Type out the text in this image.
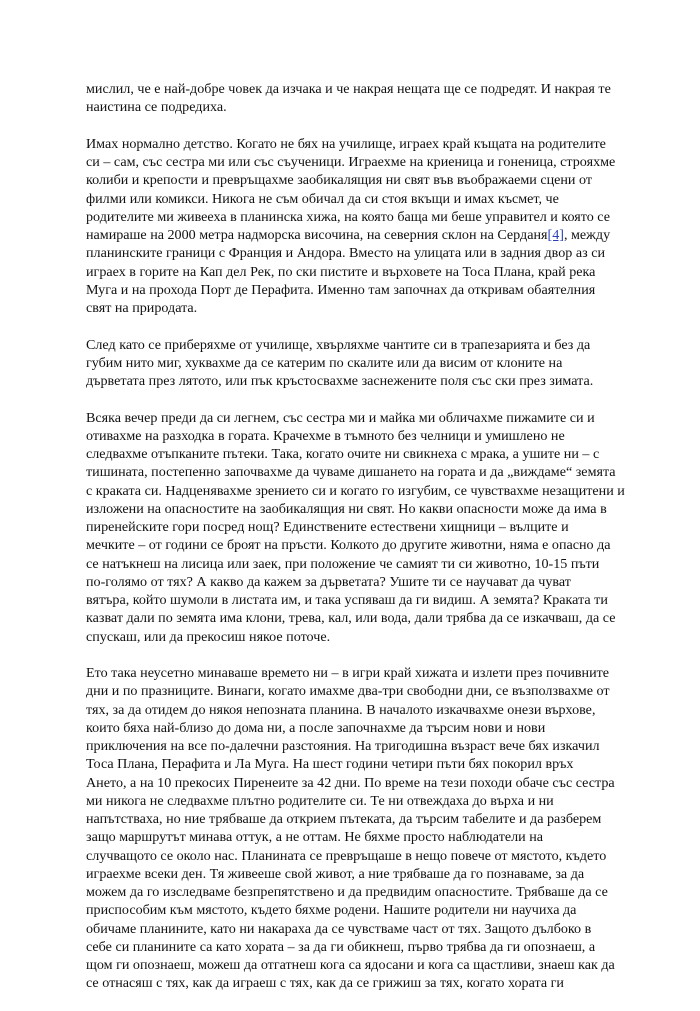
мислил, че е най-добре човек да изчака и че накрая нещата ще се подредят. И накрая те
наистина се подредиха.

Имах нормално детство. Когато не бях на училище, играех край къщата на родителите
си – сам, със сестра ми или със съученици. Играехме на криеница и гоненица, строяхме
колиби и крепости и превръщахме заобикалящия ни свят във въображаеми сцени от
филми или комикси. Никога не съм обичал да си стоя вкъщи и имах късмет, че
родителите ми живееха в планинска хижа, на която баща ми беше управител и която се
намираше на 2000 метра надморска височина, на северния склон на Серданя[4], между
планинските граници с Франция и Андора. Вместо на улицата или в задния двор аз си
играех в горите на Кап дел Рек, по ски пистите и върховете на Тоса Плана, край река
Муга и на прохода Порт де Перафита. Именно там започнах да откривам обаятелния
свят на природата.

След като се приберяхме от училище, хвърляхме чантите си в трапезарията и без да
губим нито миг, хуквахме да се катерим по скалите или да висим от клоните на
дърветата през лятото, или пък кръстосвахме заснежените поля със ски през зимата.

Всяка вечер преди да си легнем, със сестра ми и майка ми обличахме пижамите си и
отивахме на разходка в гората. Крачехме в тъмното без челници и умишлено не
следвахме отъпканите пътеки. Така, когато очите ни свикнеха с мрака, а ушите ни – с
тишината, постепенно започвахме да чуваме дишането на гората и да „виждаме“ земята
с краката си. Надценявахме зрението си и когато го изгубим, се чувствахме незащитени и
изложени на опасностите на заобикалящия ни свят. Но какви опасности може да има в
пиренейските гори посред нощ? Единствените естествени хищници – вълците и
мечките – от години се броят на пръсти. Колкото до другите животни, няма е опасно да
се натъкнеш на лисица или заек, при положение че самият ти си животно, 10-15 пъти
по-голямо от тях? А какво да кажем за дърветата? Ушите ти се научават да чуват
вятъра, който шумоли в листата им, и така успяваш да ги видиш. А земята? Краката ти
казват дали по земята има клони, трева, кал, или вода, дали трябва да се изкачваш, да се
спускаш, или да прекосиш някое поточе.

Ето така неусетно минаваше времето ни – в игри край хижата и излети през почивните
дни и по празниците. Винаги, когато имахме два-три свободни дни, се възползвахме от
тях, за да отидем до някоя непозната планина. В началото изкачвахме онези върхове,
които бяха най-близо до дома ни, а после започнахме да търсим нови и нови
приключения на все по-далечни разстояния. На тригодишна възраст вече бях изкачил
Тоса Плана, Перафита и Ла Муга. На шест години четири пъти бях покорил връх
Ането, а на 10 прекосих Пиренеите за 42 дни. По време на тези походи обаче със сестра
ми никога не следвахме плътно родителите си. Те ни отвеждаха до върха и ни
напътстваха, но ние трябваше да открием пътеката, да търсим табелите и да разберем
защо маршрутът минава оттук, а не оттам. Не бяхме просто наблюдатели на
случващото се около нас. Планината се превръщаше в нещо повече от мястото, където
играехме всеки ден. Тя живееше свой живот, а ние трябваше да го познаваме, за да
можем да го изследваме безпрепятствено и да предвидим опасностите. Трябваше да се
приспособим към мястото, където бяхме родени. Нашите родители ни научиха да
обичаме планините, като ни накараха да се чувстваме част от тях. Защото дълбоко в
себе си планините са като хората – за да ги обикнеш, първо трябва да ги опознаеш, а
щом ги опознаеш, можеш да отгатнеш кога са ядосани и кога са щастливи, знаеш как да
се отнасяш с тях, как да играеш с тях, как да се грижиш за тях, когато хората ги
